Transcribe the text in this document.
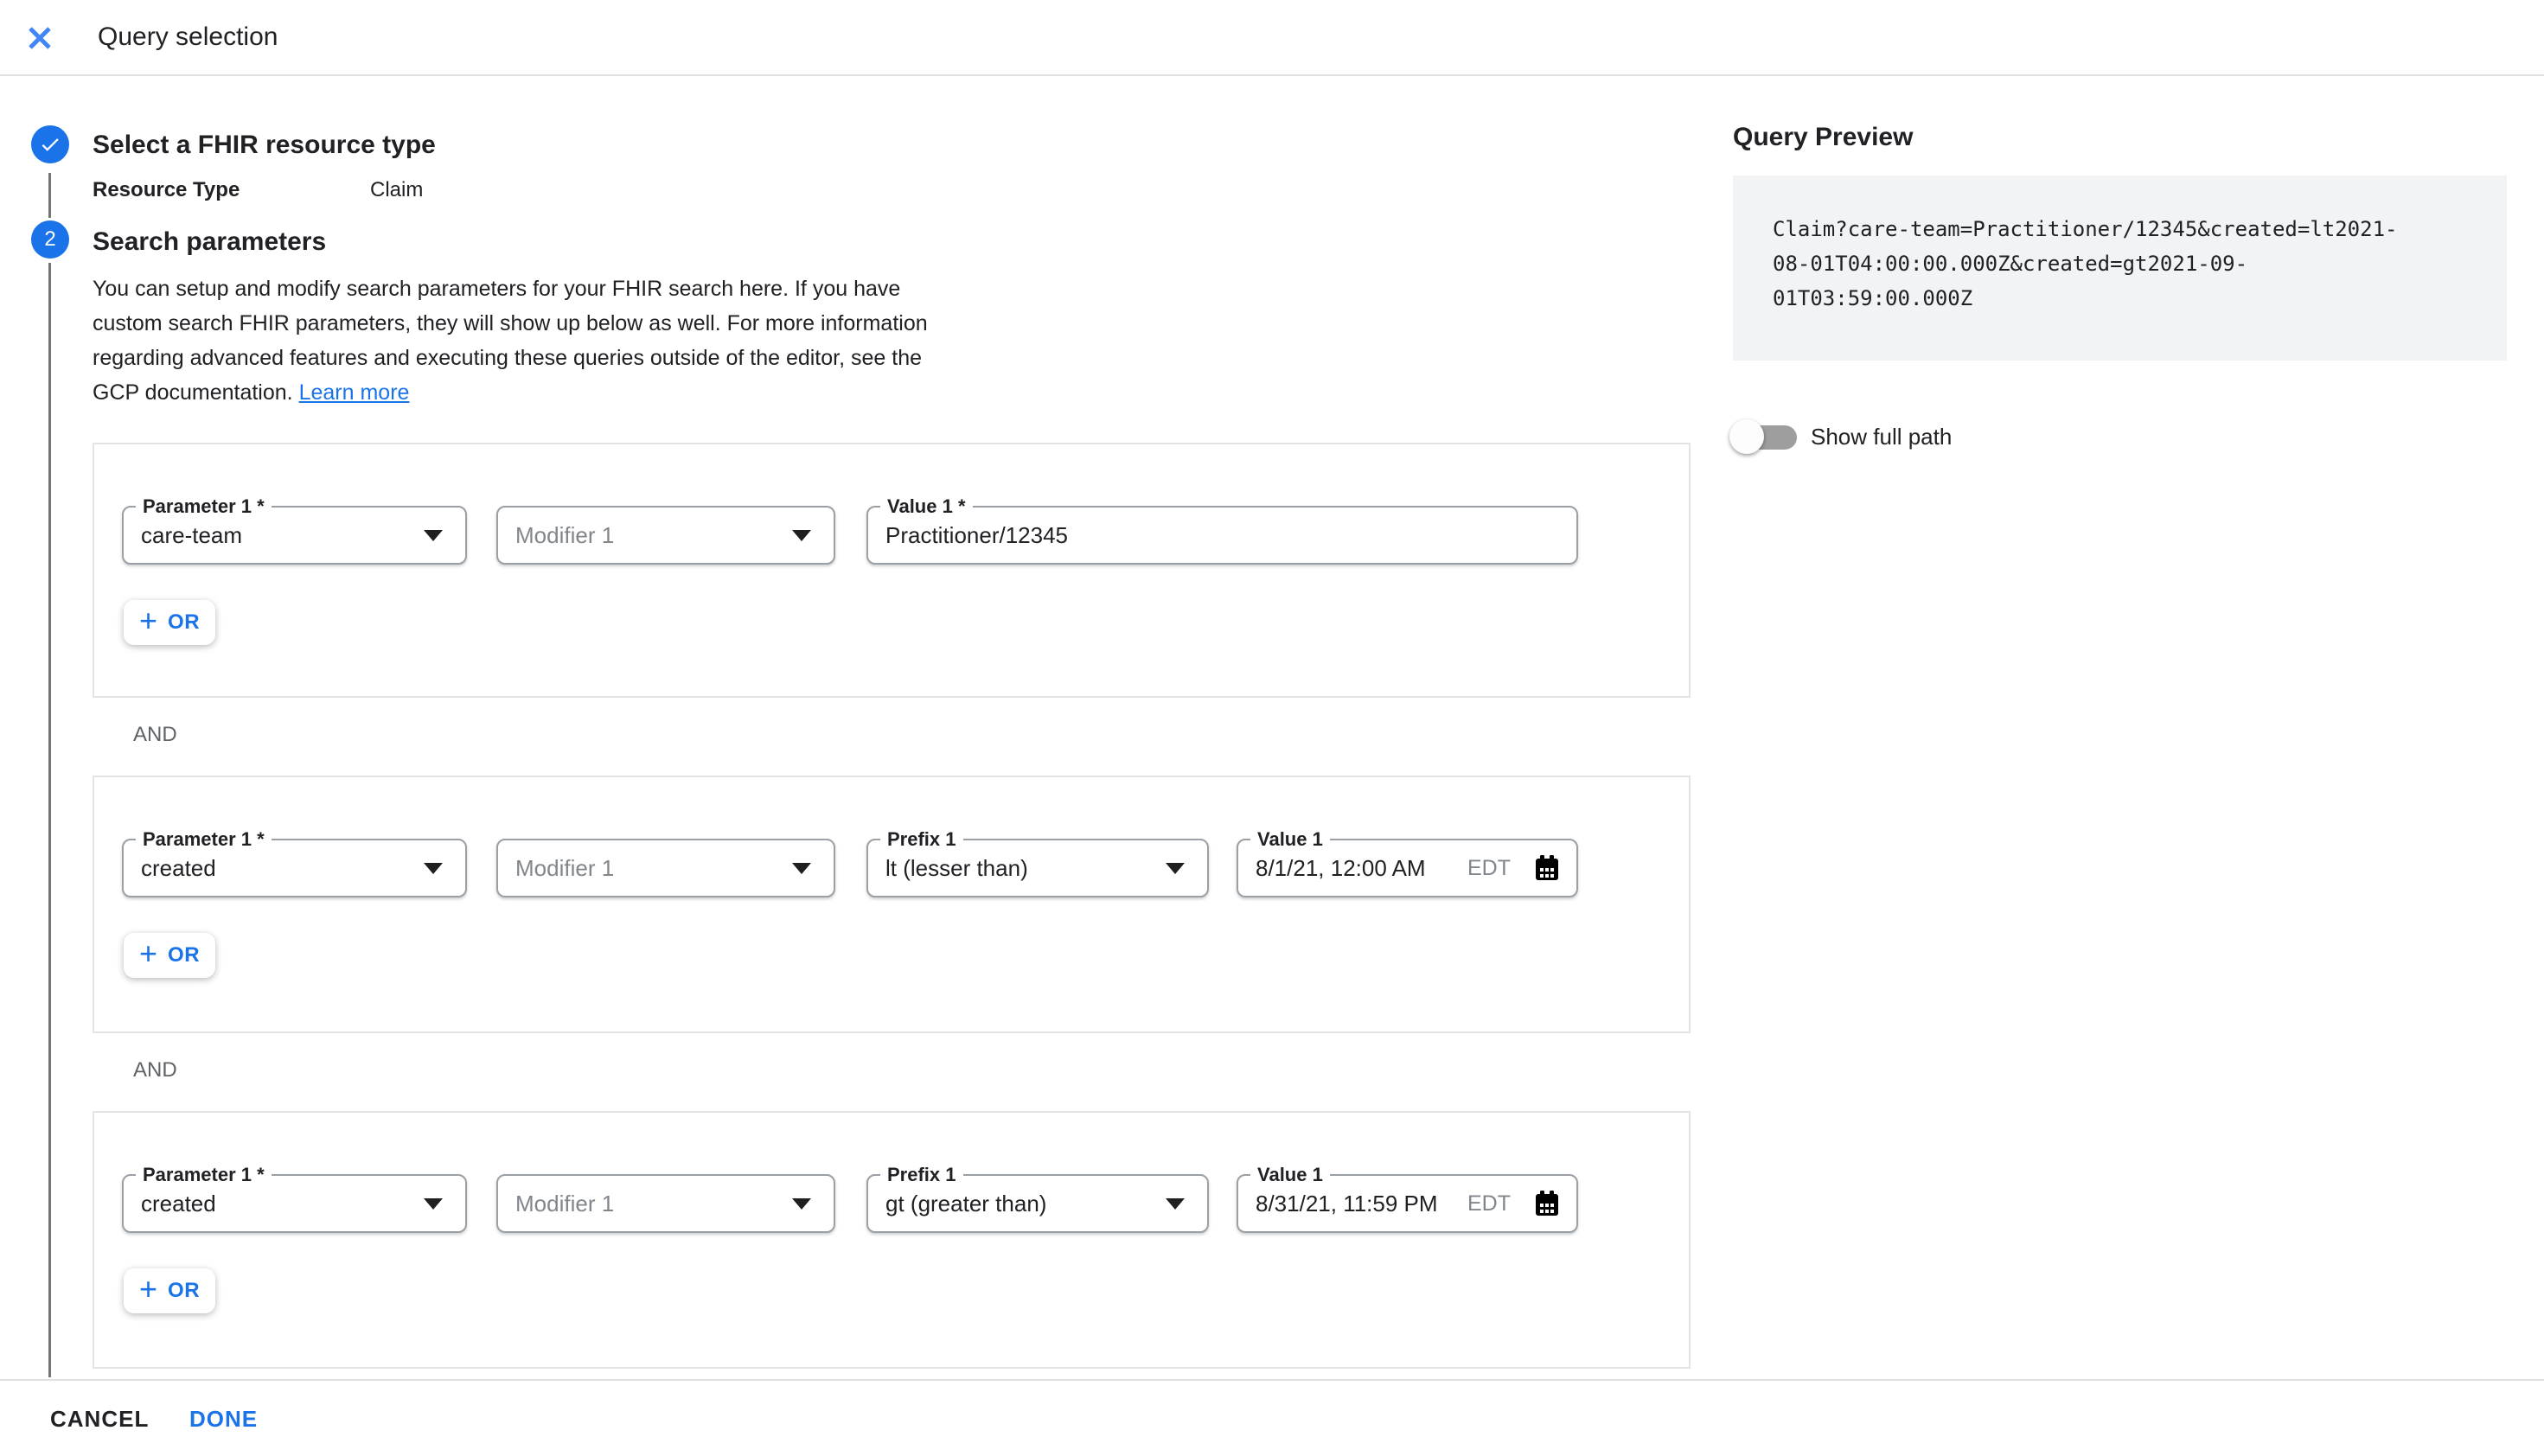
Query selection
Select a FHIR resource type
Resource Type	Claim
2 Search parameters

You can setup and modify search parameters for your FHIR search here. If you have custom search FHIR parameters, they will show up below as well. For more information regarding advanced features and executing these queries outside of the editor, see the GCP documentation. Learn more

Parameter 1 *
care-team	Modifier 1
Value 1 *
Practitioner/12345
+ OR
AND
Parameter 1 *
created	Modifier 1
Prefix 1
lt (lesser than)
Value 1
8/1/21, 12:00 AM EDT
+ OR
AND
Parameter 1 *
created	Modifier 1
Prefix 1
gt (greater than)
Value 1
8/31/21, 11:59 PM EDT
+ OR
Query Preview
Claim?care-team=Practitioner/12345&created=lt2021-
08-01T04:00:00.000Z&created=gt2021-09-
01T03:59:00.000Z
Show full path
CANCEL DONE
